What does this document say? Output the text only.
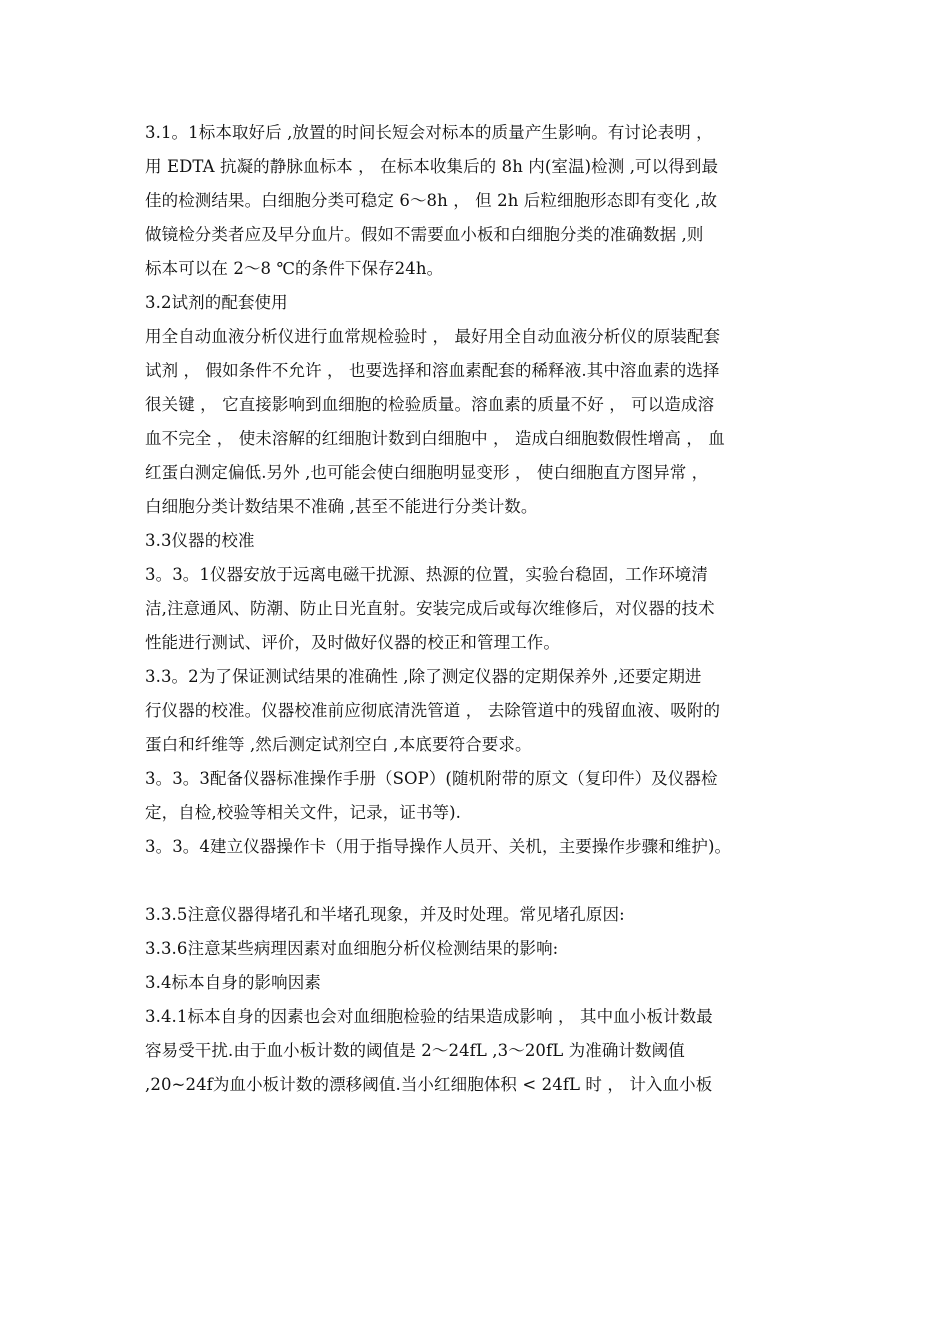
3.1。1标本取好后 ,放置的时间长短会对标本的质量产生影响。有讨论表明 ，
用 EDTA 抗凝的静脉血标本 ， 在标本收集后的 8h 内(室温)检测 ,可以得到最
佳的检测结果。白细胞分类可稳定 6～8h ， 但 2h 后粒细胞形态即有变化 ,故
做镜检分类者应及早分血片。假如不需要血小板和白细胞分类的准确数据 ,则
标本可以在 2～8 ℃的条件下保存24h。
3.2试剂的配套使用
用全自动血液分析仪进行血常规检验时 ， 最好用全自动血液分析仪的原装配套
试剂 ， 假如条件不允许 ， 也要选择和溶血素配套的稀释液.其中溶血素的选择
很关键 ， 它直接影响到血细胞的检验质量。溶血素的质量不好 ， 可以造成溶
血不完全 ， 使未溶解的红细胞计数到白细胞中 ， 造成白细胞数假性增高 ， 血
红蛋白测定偏低.另外 ,也可能会使白细胞明显变形 ， 使白细胞直方图异常 ，
白细胞分类计数结果不准确 ,甚至不能进行分类计数。
3.3仪器的校准
3。3。1仪器安放于远离电磁干扰源、热源的位置，实验台稳固，工作环境清
洁,注意通风、防潮、防止日光直射。安装完成后或每次维修后，对仪器的技术
性能进行测试、评价，及时做好仪器的校正和管理工作。
3.3。2为了保证测试结果的准确性 ,除了测定仪器的定期保养外 ,还要定期进
行仪器的校准。仪器校准前应彻底清洗管道 ， 去除管道中的残留血液、吸附的
蛋白和纤维等 ,然后测定试剂空白 ,本底要符合要求。
3。3。3配备仪器标准操作手册（SOP）(随机附带的原文（复印件）及仪器检
定，自检,校验等相关文件，记录，证书等).
3。3。4建立仪器操作卡（用于指导操作人员开、关机，主要操作步骤和维护)。
3.3.5注意仪器得堵孔和半堵孔现象，并及时处理。常见堵孔原因:
3.3.6注意某些病理因素对血细胞分析仪检测结果的影响:
3.4标本自身的影响因素
3.4.1标本自身的因素也会对血细胞检验的结果造成影响 ， 其中血小板计数最
容易受干扰.由于血小板计数的阈值是 2～24fL ,3～20fL 为准确计数阈值
,20~24f为血小板计数的漂移阈值.当小红细胞体积 < 24fL 时 ， 计入血小板
